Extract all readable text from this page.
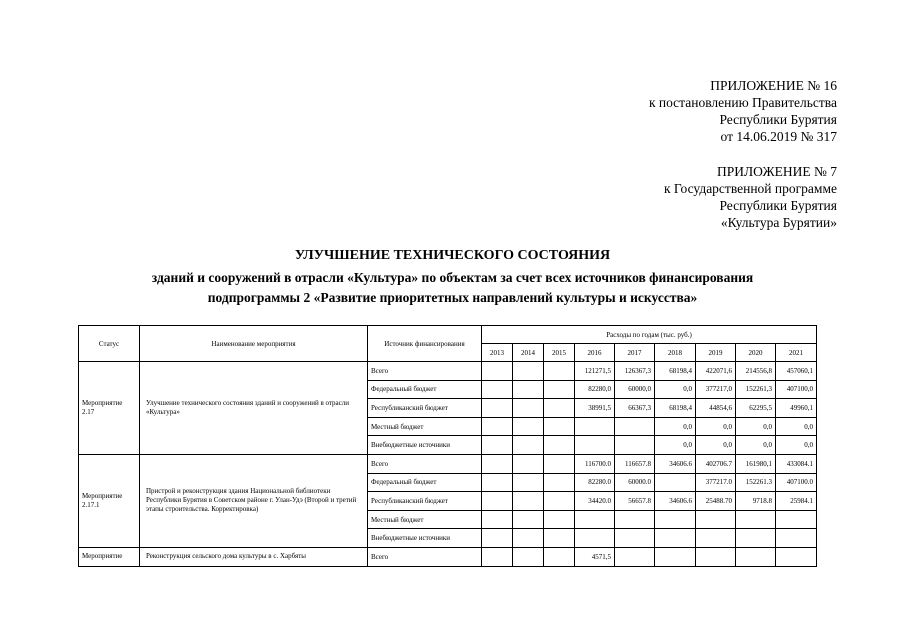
ПРИЛОЖЕНИЕ № 16
к постановлению Правительства
Республики Бурятия
от 14.06.2019 № 317
ПРИЛОЖЕНИЕ № 7
к Государственной программе
Республики Бурятия
«Культура Бурятии»
УЛУЧШЕНИЕ ТЕХНИЧЕСКОГО СОСТОЯНИЯ
зданий и сооружений в отрасли «Культура» по объектам за счет всех источников финансирования
подпрограммы 2 «Развитие приоритетных направлений культуры и искусства»
Статус	Наименование мероприятия	Источник финансирования	Расходы по годам (тыс. руб.)								
			2013	2014	2015	2016	2017	2018	2019	2020	2021
Мероприятие 2.17	Улучшение технического состояния зданий и сооружений в отрасли «Культура»	Всего				121271,5	126367,3	68198,4	422071,6	214556,8	457060,1
		Федеральный бюджет				82280,0	60000,0	0,0	377217,0	152261,3	407100,0
		Республиканский бюджет				38991,5	66367,3	68198,4	44854,6	62295,5	49960,1
		Местный бюджет						0,0	0,0	0,0	0,0
		Внебюджетные источники						0,0	0,0	0,0	0,0
Мероприятие 2.17.1	Пристрой и реконструкция здания Национальной библиотеки Республики Бурятия в Советском районе г. Улан-Удэ (Второй и третий этапы строительства. Корректировка)	Всего				116700.0	116657.8	34606.6	402706.7	161980,1	433084.1
		Федеральный бюджет				82280.0	60000.0		377217.0	152261.3	407100.0
		Республиканский бюджет				34420.0	56657.8	34606.6	25488.70	9718.8	25984.1
		Местный бюджет									
		Внебюджетные источники									
Мероприятие	Реконструкция сельского дома культуры в с. Харбяты	Всего				4571,5					
